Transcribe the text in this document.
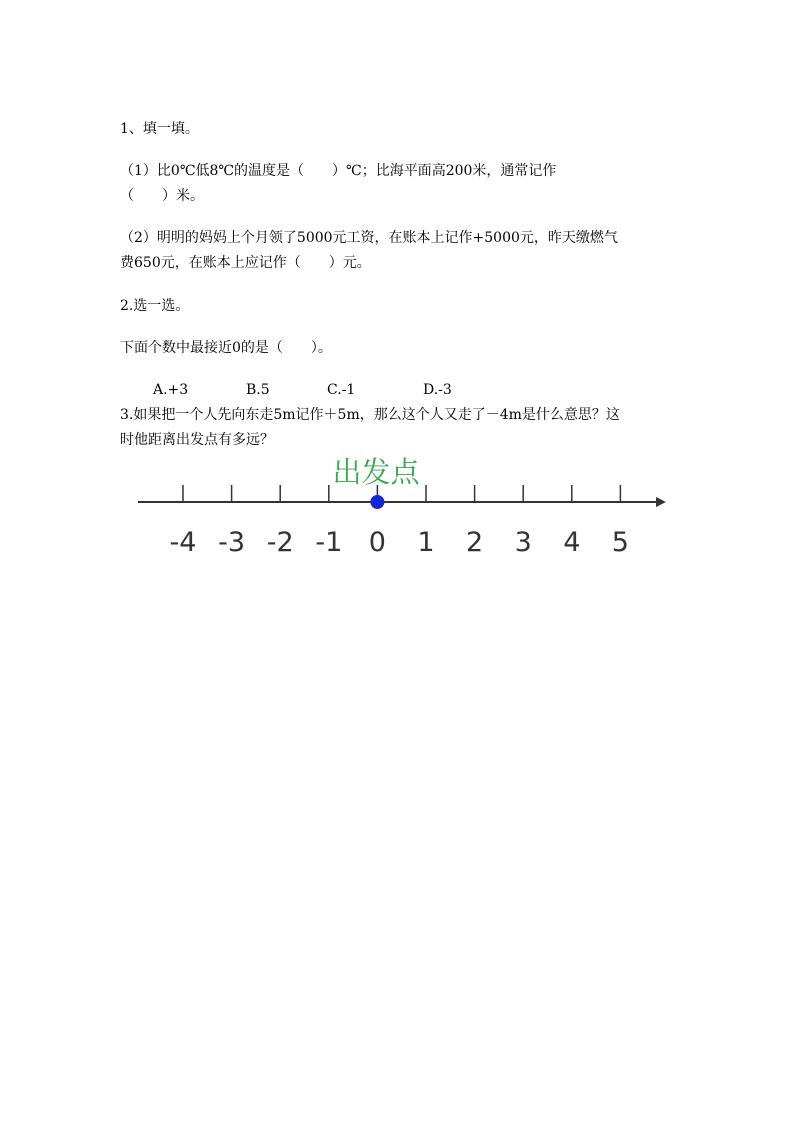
1、填一填。

（1）比0℃低8℃的温度是（　　）℃；比海平面高200米，通常记作

（　　）米。

（2）明明的妈妈上个月领了5000元工资，在账本上记作+5000元，昨天缴燃气

费650元，在账本上应记作（　　）元。

2.选一选。

下面个数中最接近0的是（　　）。

A.+3	B.5	C.-1	D.-3

3.如果把一个人先向东走5m记作＋5m，那么这个人又走了－4m是什么意思？这

时他距离出发点有多远？

出发点
-4 -3 -2 -1 0 1 2 3 4 5
